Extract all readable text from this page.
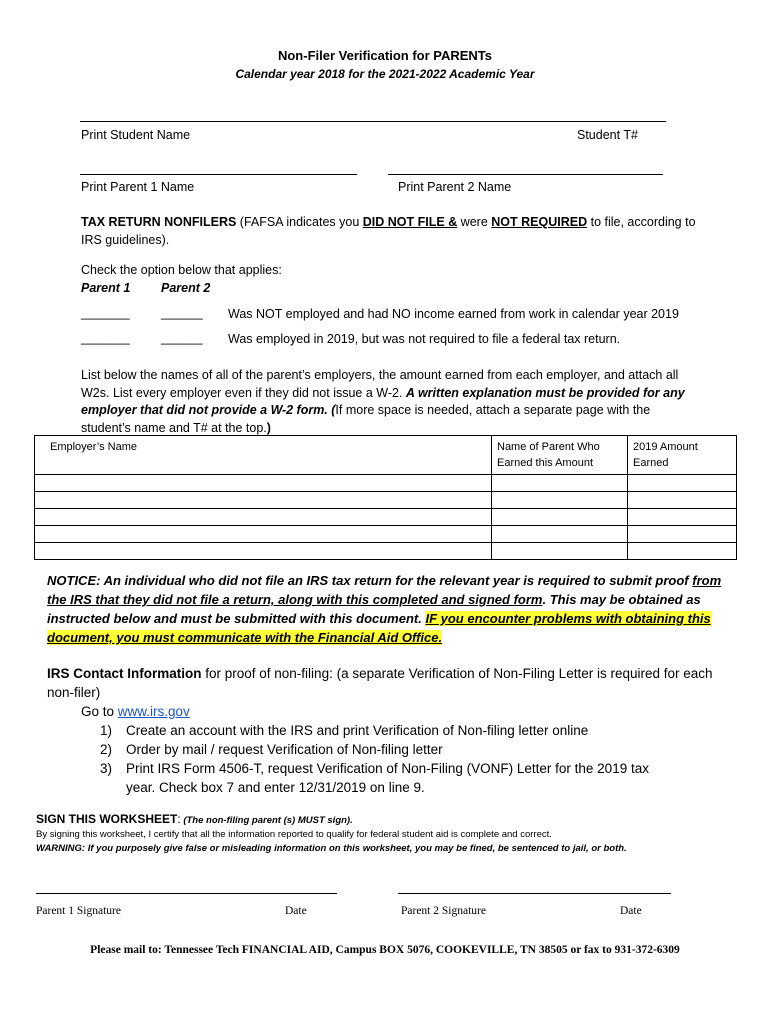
Non-Filer Verification for PARENTs
Calendar year 2018 for the 2021-2022 Academic Year
Print Student Name	Student T#
Print Parent 1 Name	Print Parent 2 Name
TAX RETURN NONFILERS (FAFSA indicates you DID NOT FILE & were NOT REQUIRED to file, according to IRS guidelines).
Check the option below that applies:
Parent 1 Parent 2
_______	______ Was NOT employed and had NO income earned from work in calendar year 2019
_______	______ Was employed in 2019, but was not required to file a federal tax return.
List below the names of all of the parent’s employers, the amount earned from each employer, and attach all W2s. List every employer even if they did not issue a W-2. A written explanation must be provided for any employer that did not provide a W-2 form. (If more space is needed, attach a separate page with the student’s name and T# at the top.)
Employer’s Name	Name of Parent Who Earned this Amount	2019 Amount Earned

NOTICE: An individual who did not file an IRS tax return for the relevant year is required to submit proof from the IRS that they did not file a return, along with this completed and signed form. This may be obtained as instructed below and must be submitted with this document. IF you encounter problems with obtaining this document, you must communicate with the Financial Aid Office.
IRS Contact Information for proof of non-filing: (a separate Verification of Non-Filing Letter is required for each non-filer)
Go to www.irs.gov
1)	Create an account with the IRS and print Verification of Non-filing letter online
2)	Order by mail / request Verification of Non-filing letter
3)	Print IRS Form 4506-T, request Verification of Non-Filing (VONF) Letter for the 2019 tax year. Check box 7 and enter 12/31/2019 on line 9.
SIGN THIS WORKSHEET: (The non-filing parent (s) MUST sign).
By signing this worksheet, I certify that all the information reported to qualify for federal student aid is complete and correct.
WARNING: If you purposely give false or misleading information on this worksheet, you may be fined, be sentenced to jail, or both.
Parent 1 Signature	Date	Parent 2 Signature	Date
Please mail to: Tennessee Tech FINANCIAL AID, Campus BOX 5076, COOKEVILLE, TN 38505 or fax to 931-372-6309
